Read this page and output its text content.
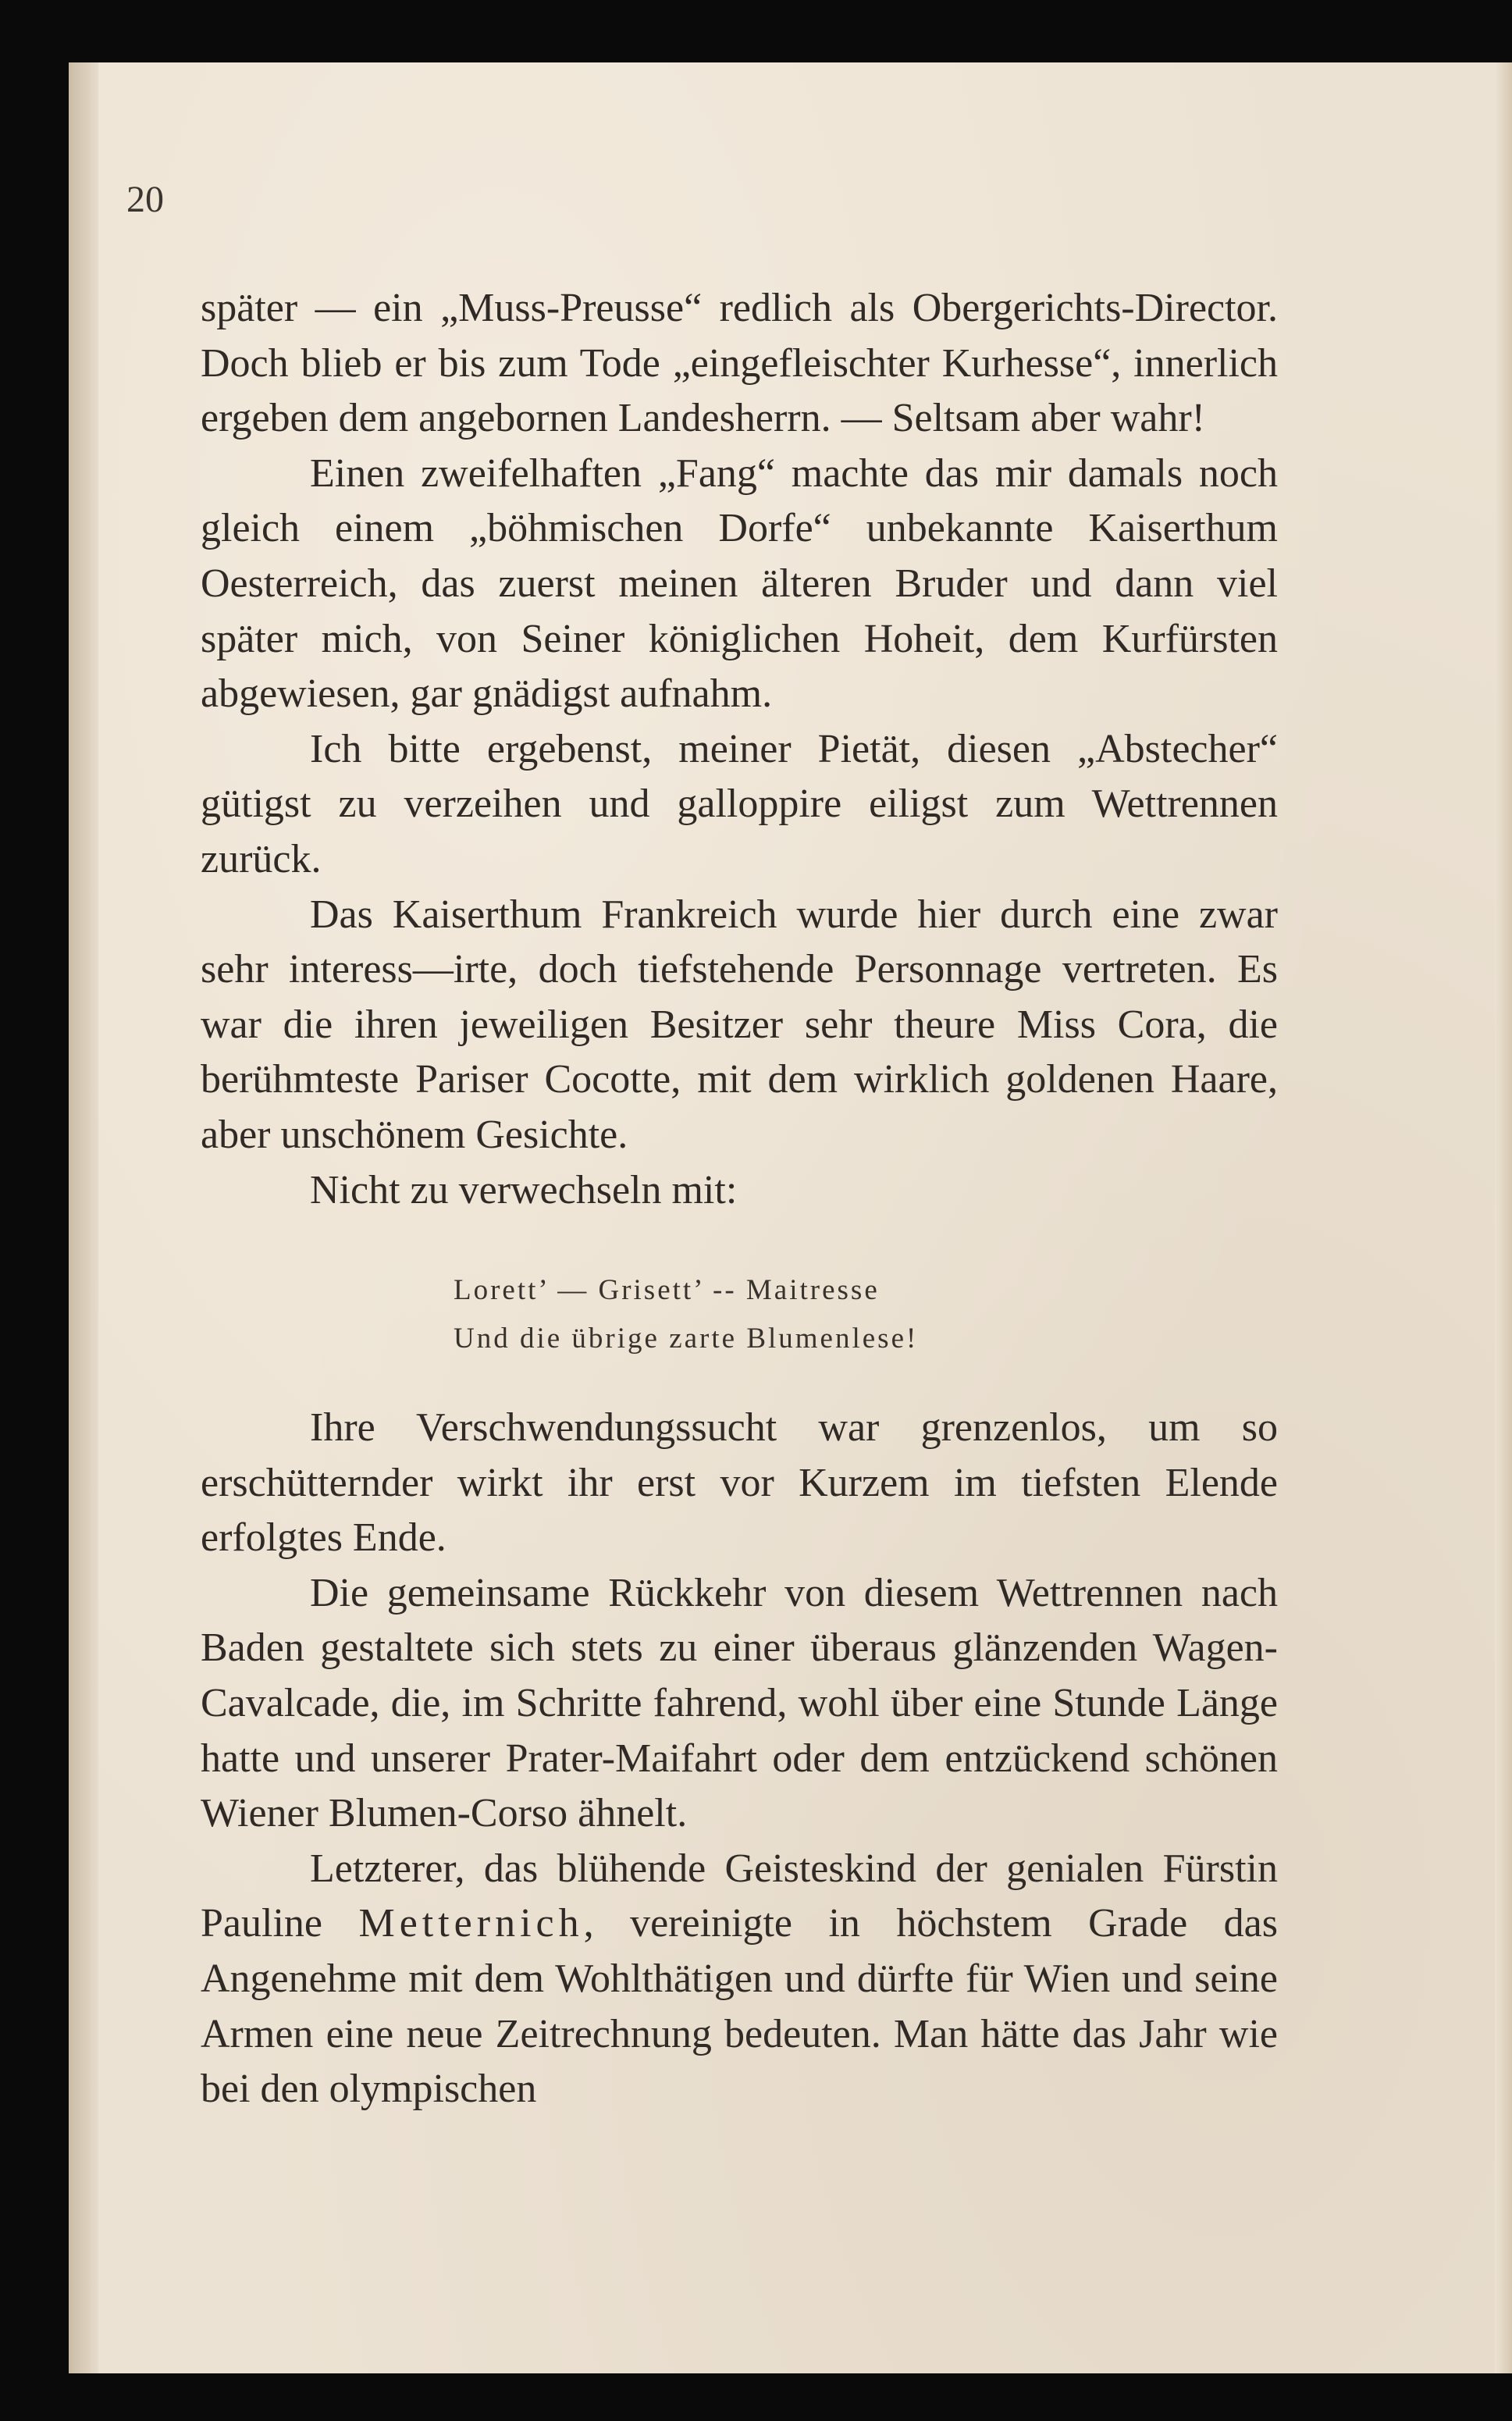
20

später — ein „Muss-Preusse“ redlich als Obergerichts-Director. Doch blieb er bis zum Tode „eingefleischter Kurhesse“, innerlich ergeben dem angebornen Landesherrn. — Seltsam aber wahr!

Einen zweifelhaften „Fang“ machte das mir damals noch gleich einem „böhmischen Dorfe“ unbekannte Kaiserthum Oesterreich, das zuerst meinen älteren Bruder und dann viel später mich, von Seiner königlichen Hoheit, dem Kurfürsten abgewiesen, gar gnädigst aufnahm.

Ich bitte ergebenst, meiner Pietät, diesen „Abstecher“ gütigst zu verzeihen und galloppire eiligst zum Wettrennen zurück.

Das Kaiserthum Frankreich wurde hier durch eine zwar sehr interess—irte, doch tiefstehende Personnage vertreten. Es war die ihren jeweiligen Besitzer sehr theure Miss Cora, die berühmteste Pariser Cocotte, mit dem wirklich goldenen Haare, aber unschönem Gesichte.

Nicht zu verwechseln mit:

Lorett’ — Grisett’ -- Maitresse
Und die übrige zarte Blumenlese!

Ihre Verschwendungssucht war grenzenlos, um so erschütternder wirkt ihr erst vor Kurzem im tiefsten Elende erfolgtes Ende.

Die gemeinsame Rückkehr von diesem Wettrennen nach Baden gestaltete sich stets zu einer überaus glänzenden Wagen-Cavalcade, die, im Schritte fahrend, wohl über eine Stunde Länge hatte und unserer Prater-Maifahrt oder dem entzückend schönen Wiener Blumen-Corso ähnelt.

Letzterer, das blühende Geisteskind der genialen Fürstin Pauline Metternich, vereinigte in höchstem Grade das Angenehme mit dem Wohlthätigen und dürfte für Wien und seine Armen eine neue Zeitrechnung bedeuten. Man hätte das Jahr wie bei den olympischen
